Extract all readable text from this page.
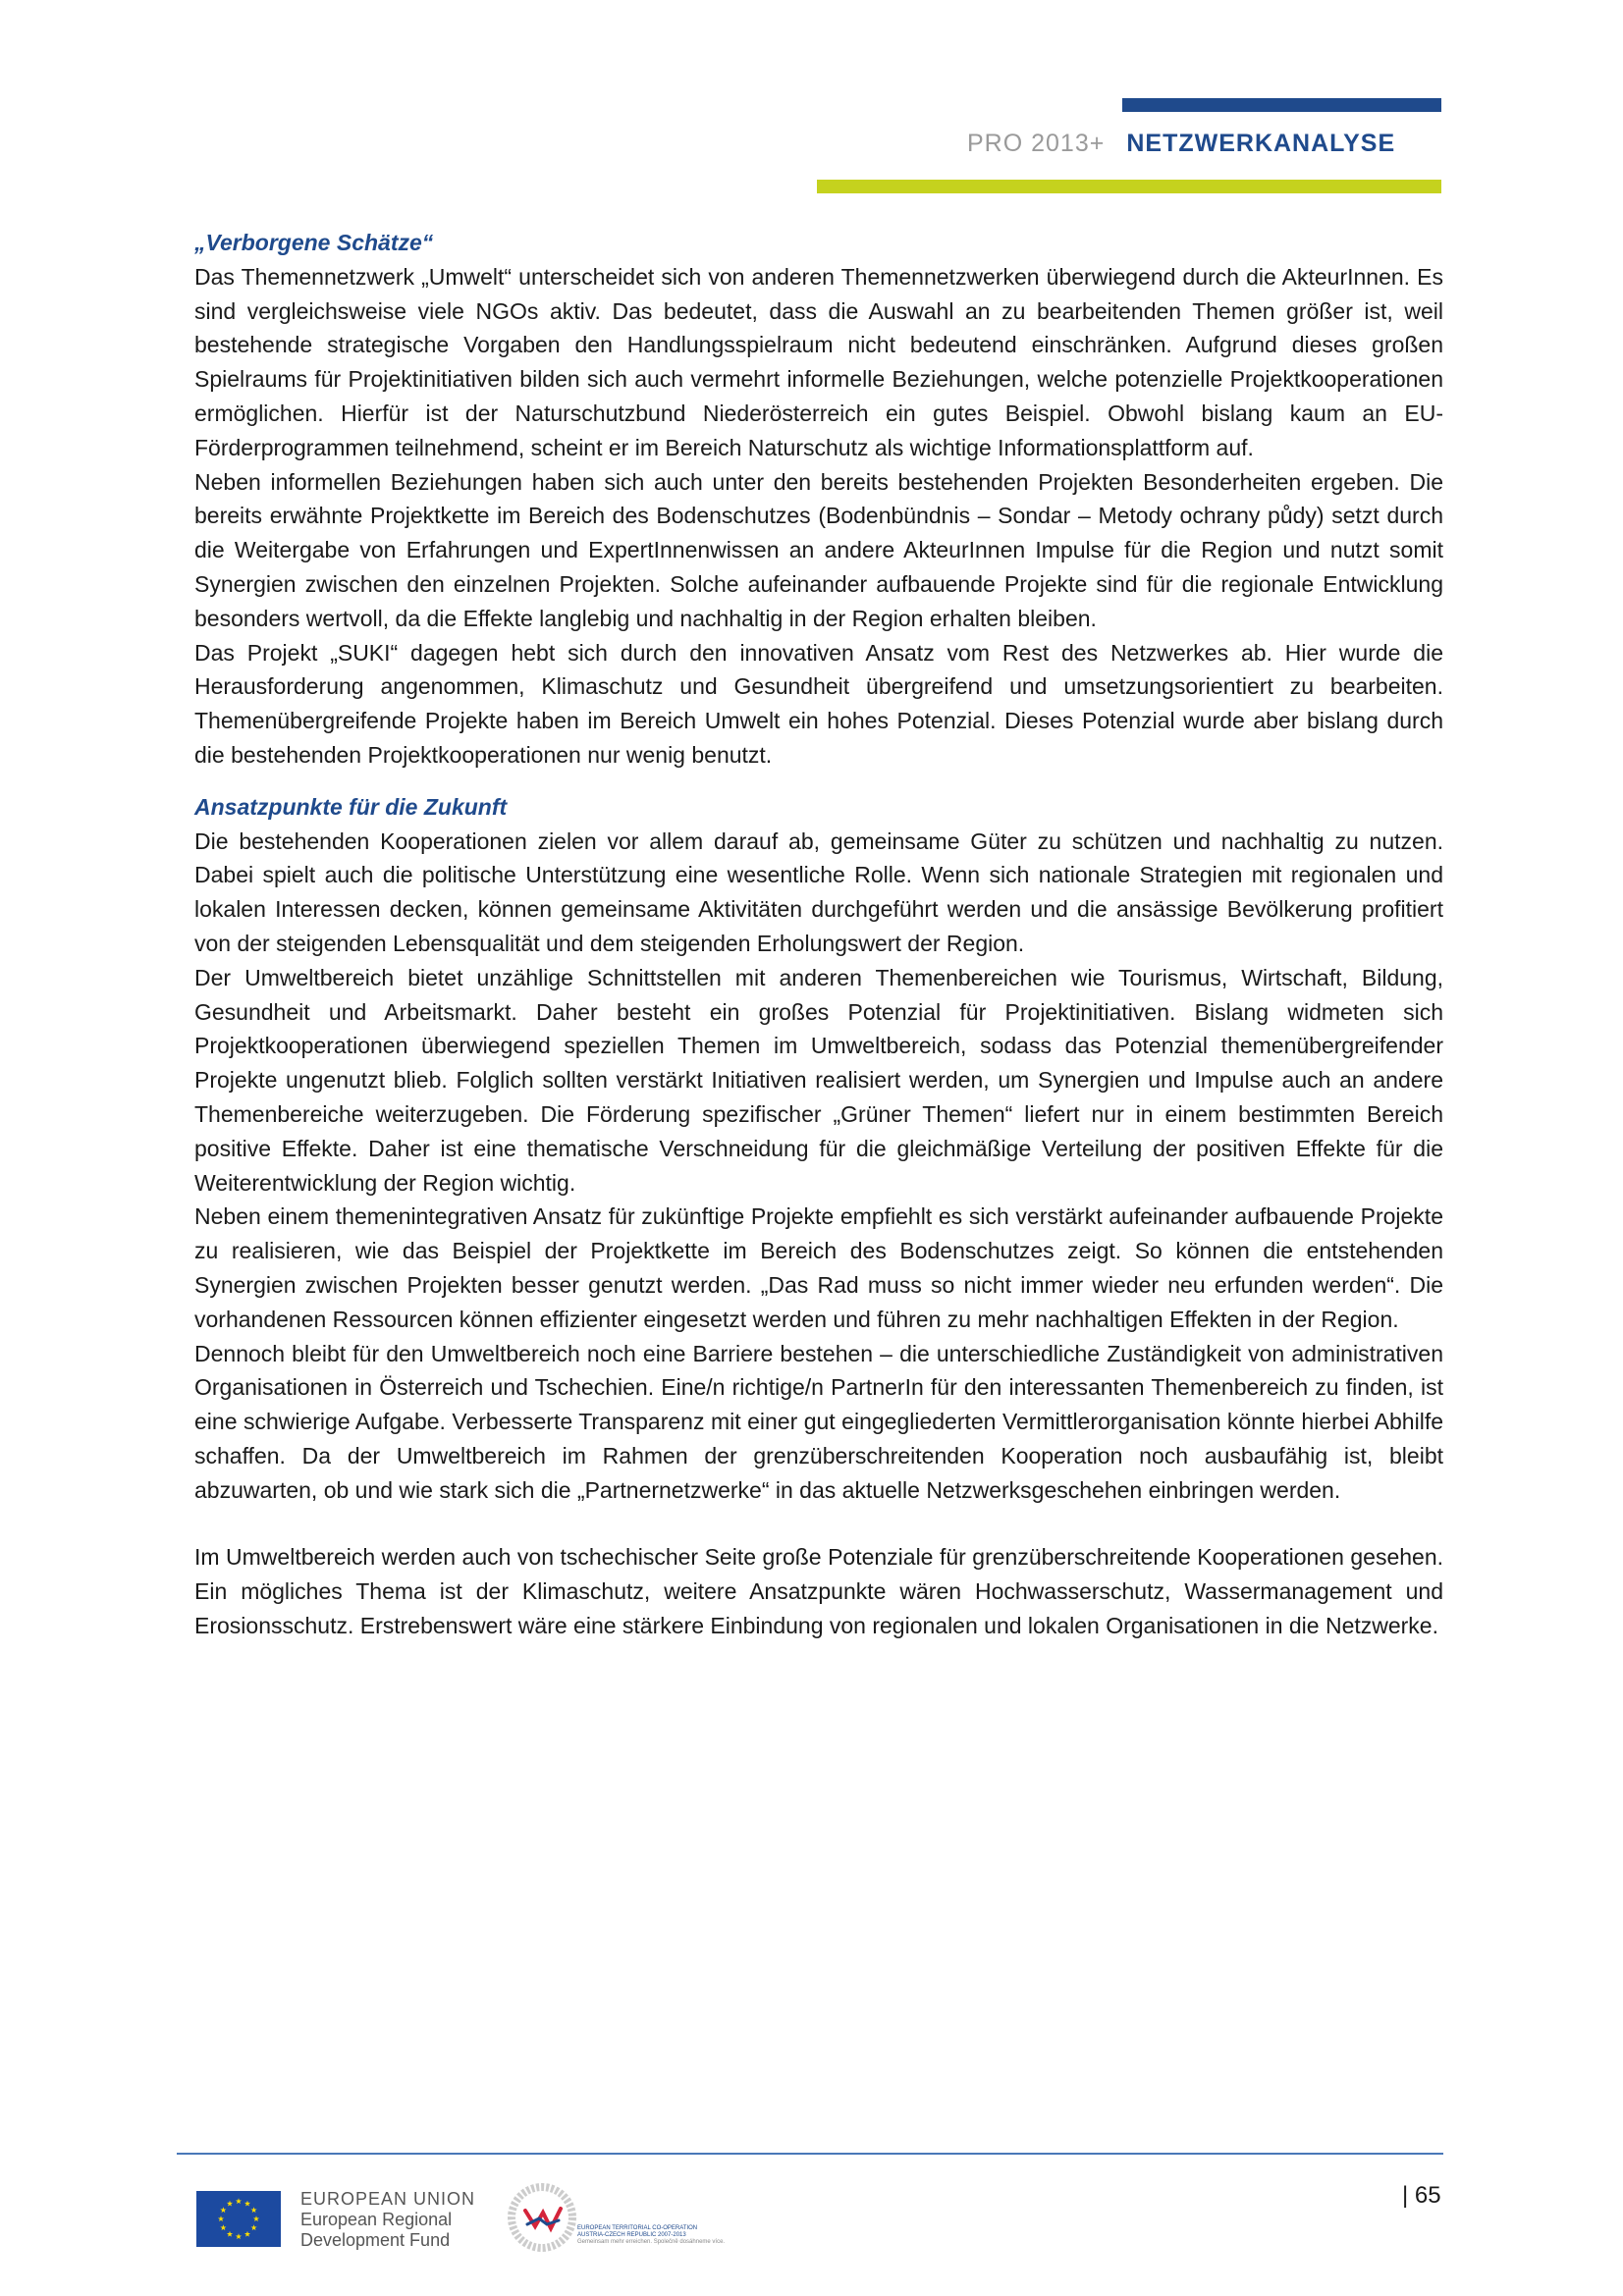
PRO 2013+ NETZWERKANALYSE

„Verborgene Schätze“

Das Themennetzwerk „Umwelt“ unterscheidet sich von anderen Themennetzwerken überwiegend durch die AkteurInnen. Es sind vergleichsweise viele NGOs aktiv. Das bedeutet, dass die Auswahl an zu bearbeitenden Themen größer ist, weil bestehende strategische Vorgaben den Handlungsspielraum nicht bedeutend einschränken. Aufgrund dieses großen Spielraums für Projektinitiativen bilden sich auch vermehrt informelle Beziehungen, welche potenzielle Projektkooperationen ermöglichen. Hierfür ist der Naturschutzbund Niederösterreich ein gutes Beispiel. Obwohl bislang kaum an EU-Förderprogrammen teilnehmend, scheint er im Bereich Naturschutz als wichtige Informationsplattform auf.

Neben informellen Beziehungen haben sich auch unter den bereits bestehenden Projekten Besonderheiten ergeben. Die bereits erwähnte Projektkette im Bereich des Bodenschutzes (Bodenbündnis – Sondar – Metody ochrany půdy) setzt durch die Weitergabe von Erfahrungen und ExpertInnenwissen an andere AkteurInnen Impulse für die Region und nutzt somit Synergien zwischen den einzelnen Projekten. Solche aufeinander aufbauende Projekte sind für die regionale Entwicklung besonders wertvoll, da die Effekte langlebig und nachhaltig in der Region erhalten bleiben.

Das Projekt „SUKI“ dagegen hebt sich durch den innovativen Ansatz vom Rest des Netzwerkes ab. Hier wurde die Herausforderung angenommen, Klimaschutz und Gesundheit übergreifend und umsetzungsorientiert zu bearbeiten. Themenübergreifende Projekte haben im Bereich Umwelt ein hohes Potenzial. Dieses Potenzial wurde aber bislang durch die bestehenden Projektkooperationen nur wenig benutzt.

Ansatzpunkte für die Zukunft

Die bestehenden Kooperationen zielen vor allem darauf ab, gemeinsame Güter zu schützen und nachhaltig zu nutzen. Dabei spielt auch die politische Unterstützung eine wesentliche Rolle. Wenn sich nationale Strategien mit regionalen und lokalen Interessen decken, können gemeinsame Aktivitäten durchgeführt werden und die ansässige Bevölkerung profitiert von der steigenden Lebensqualität und dem steigenden Erholungswert der Region.

Der Umweltbereich bietet unzählige Schnittstellen mit anderen Themenbereichen wie Tourismus, Wirtschaft, Bildung, Gesundheit und Arbeitsmarkt. Daher besteht ein großes Potenzial für Projektinitiativen. Bislang widmeten sich Projektkooperationen überwiegend speziellen Themen im Umweltbereich, sodass das Potenzial themenübergreifender Projekte ungenutzt blieb. Folglich sollten verstärkt Initiativen realisiert werden, um Synergien und Impulse auch an andere Themenbereiche weiterzugeben. Die Förderung spezifischer „Grüner Themen“ liefert nur in einem bestimmten Bereich positive Effekte. Daher ist eine thematische Verschneidung für die gleichmäßige Verteilung der positiven Effekte für die Weiterentwicklung der Region wichtig.

Neben einem themenintegrativen Ansatz für zukünftige Projekte empfiehlt es sich verstärkt aufeinander aufbauende Projekte zu realisieren, wie das Beispiel der Projektkette im Bereich des Bodenschutzes zeigt. So können die entstehenden Synergien zwischen Projekten besser genutzt werden. „Das Rad muss so nicht immer wieder neu erfunden werden“. Die vorhandenen Ressourcen können effizienter eingesetzt werden und führen zu mehr nachhaltigen Effekten in der Region.

Dennoch bleibt für den Umweltbereich noch eine Barriere bestehen – die unterschiedliche Zuständigkeit von administrativen Organisationen in Österreich und Tschechien. Eine/n richtige/n PartnerIn für den interessanten Themenbereich zu finden, ist eine schwierige Aufgabe. Verbesserte Transparenz mit einer gut eingegliederten Vermittlerorganisation könnte hierbei Abhilfe schaffen. Da der Umweltbereich im Rahmen der grenzüberschreitenden Kooperation noch ausbaufähig ist, bleibt abzuwarten, ob und wie stark sich die „Partnernetzwerke“ in das aktuelle Netzwerksgeschehen einbringen werden.

Im Umweltbereich werden auch von tschechischer Seite große Potenziale für grenzüberschreitende Kooperationen gesehen. Ein mögliches Thema ist der Klimaschutz, weitere Ansatzpunkte wären Hochwasserschutz, Wassermanagement und Erosionsschutz. Erstrebenswert wäre eine stärkere Einbindung von regionalen und lokalen Organisationen in die Netzwerke.

EUROPEAN UNION
European Regional
Development Fund
EUROPEAN TERRITORIAL CO-OPERATION
AUSTRIA-CZECH REPUBLIC 2007-2013
Gemeinsam mehr erreichen. Společně dosáhneme více.
| 65
